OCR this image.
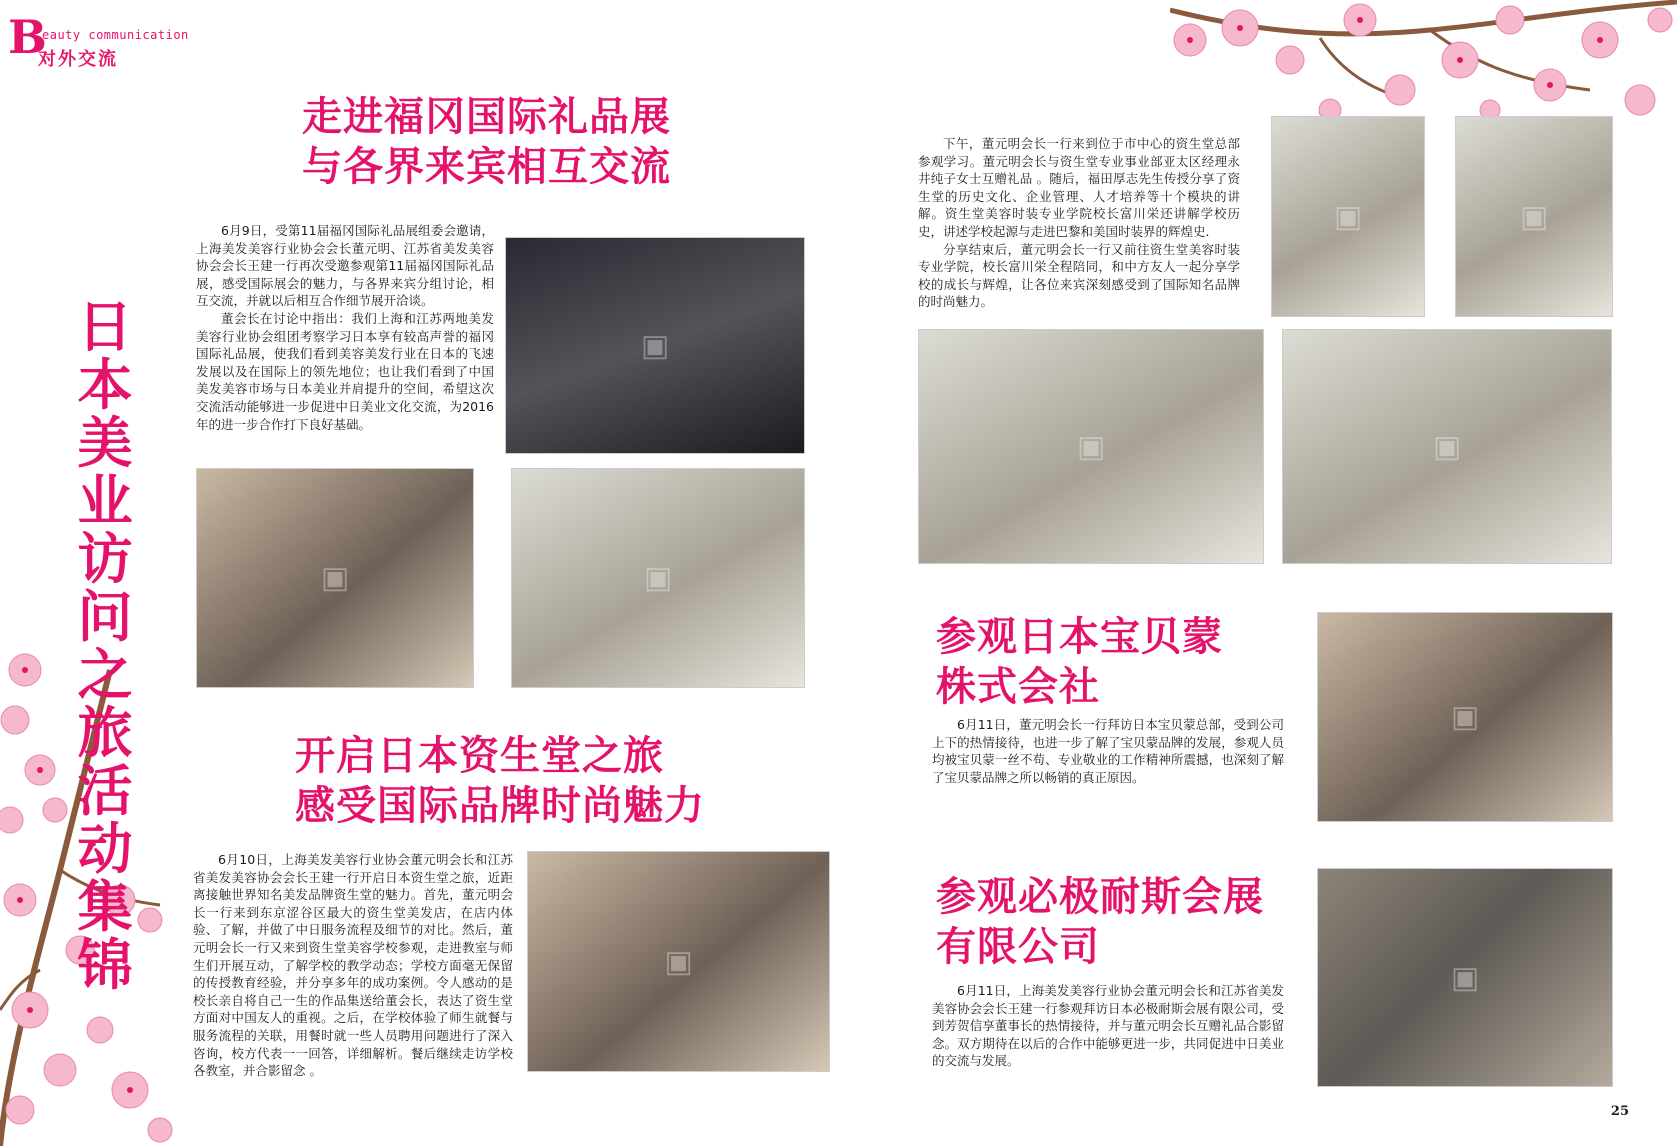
B
eauty communication
对外交流
日
本
美
业
访
问
之
旅
活
动
集
锦
走进福冈国际礼品展
与各界来宾相互交流

6月9日，受第11届福冈国际礼品展组委会邀请，上海美发美容行业协会会长董元明、江苏省美发美容协会会长王建一行再次受邀参观第11届福冈国际礼品展，感受国际展会的魅力，与各界来宾分组讨论，相互交流，并就以后相互合作细节展开洽谈。

董会长在讨论中指出：我们上海和江苏两地美发美容行业协会组团考察学习日本享有较高声誉的福冈国际礼品展，使我们看到美容美发行业在日本的飞速发展以及在国际上的领先地位；也让我们看到了中国美发美容市场与日本美业并肩提升的空间，希望这次交流活动能够进一步促进中日美业文化交流，为2016年的进一步合作打下良好基础。

▣
▣	▣
开启日本资生堂之旅
感受国际品牌时尚魅力

6月10日，上海美发美容行业协会董元明会长和江苏省美发美容协会会长王建一行开启日本资生堂之旅，近距离接触世界知名美发品牌资生堂的魅力。首先，董元明会长一行来到东京涩谷区最大的资生堂美发店，在店内体验、了解，并做了中日服务流程及细节的对比。然后，董元明会长一行又来到资生堂美容学校参观，走进教室与师生们开展互动，了解学校的教学动态；学校方面毫无保留的传授教育经验，并分享多年的成功案例。令人感动的是校长亲自将自己一生的作品集送给董会长，表达了资生堂方面对中国友人的重视。之后，在学校体验了师生就餐与服务流程的关联，用餐时就一些人员聘用问题进行了深入咨询，校方代表一一回答，详细解析。餐后继续走访学校各教室，并合影留念 。

▣

下午，董元明会长一行来到位于市中心的资生堂总部参观学习。董元明会长与资生堂专业事业部亚太区经理永井纯子女士互赠礼品 。随后，福田厚志先生传授分享了资生堂的历史文化、企业管理、人才培养等十个模块的讲解。资生堂美容时装专业学院校长富川栄还讲解学校历史，讲述学校起源与走进巴黎和美国时装界的辉煌史.

分享结束后，董元明会长一行又前往资生堂美容时装专业学院，校长富川栄全程陪同，和中方友人一起分享学校的成长与辉煌，让各位来宾深刻感受到了国际知名品牌的时尚魅力。

▣	▣
▣	▣
参观日本宝贝蒙
株式会社

6月11日，董元明会长一行拜访日本宝贝蒙总部，受到公司上下的热情接待，也进一步了解了宝贝蒙品牌的发展，参观人员均被宝贝蒙一丝不苟、专业敬业的工作精神所震撼，也深刻了解了宝贝蒙品牌之所以畅销的真正原因。

▣
参观必极耐斯会展
有限公司

6月11日，上海美发美容行业协会董元明会长和江苏省美发美容协会会长王建一行参观拜访日本必极耐斯会展有限公司，受到芳贺信享董事长的热情接待，并与董元明会长互赠礼品合影留念。双方期待在以后的合作中能够更进一步，共同促进中日美业的交流与发展。

▣
25
